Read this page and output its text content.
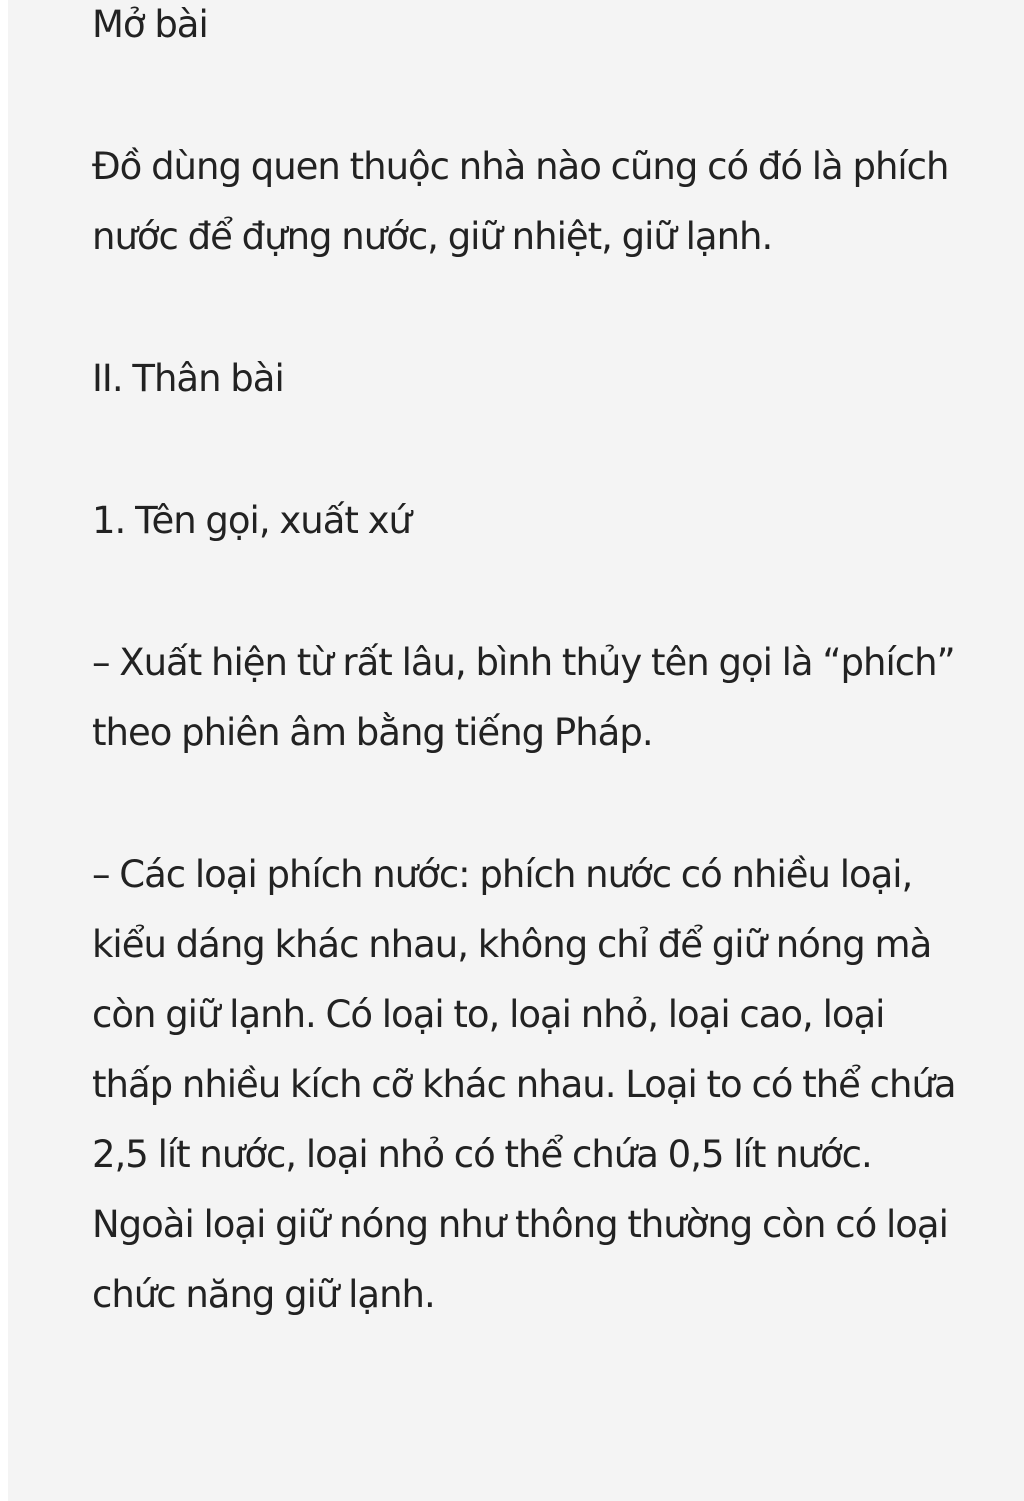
Mở bài

Đồ dùng quen thuộc nhà nào cũng có đó là phích nước để đựng nước, giữ nhiệt, giữ lạnh.

II. Thân bài

1. Tên gọi, xuất xứ

– Xuất hiện từ rất lâu, bình thủy tên gọi là “phích” theo phiên âm bằng tiếng Pháp.

– Các loại phích nước: phích nước có nhiều loại, kiểu dáng khác nhau, không chỉ để giữ nóng mà còn giữ lạnh. Có loại to, loại nhỏ, loại cao, loại thấp nhiều kích cỡ khác nhau. Loại to có thể chứa 2,5 lít nước, loại nhỏ có thể chứa 0,5 lít nước. Ngoài loại giữ nóng như thông thường còn có loại chức năng giữ lạnh.
